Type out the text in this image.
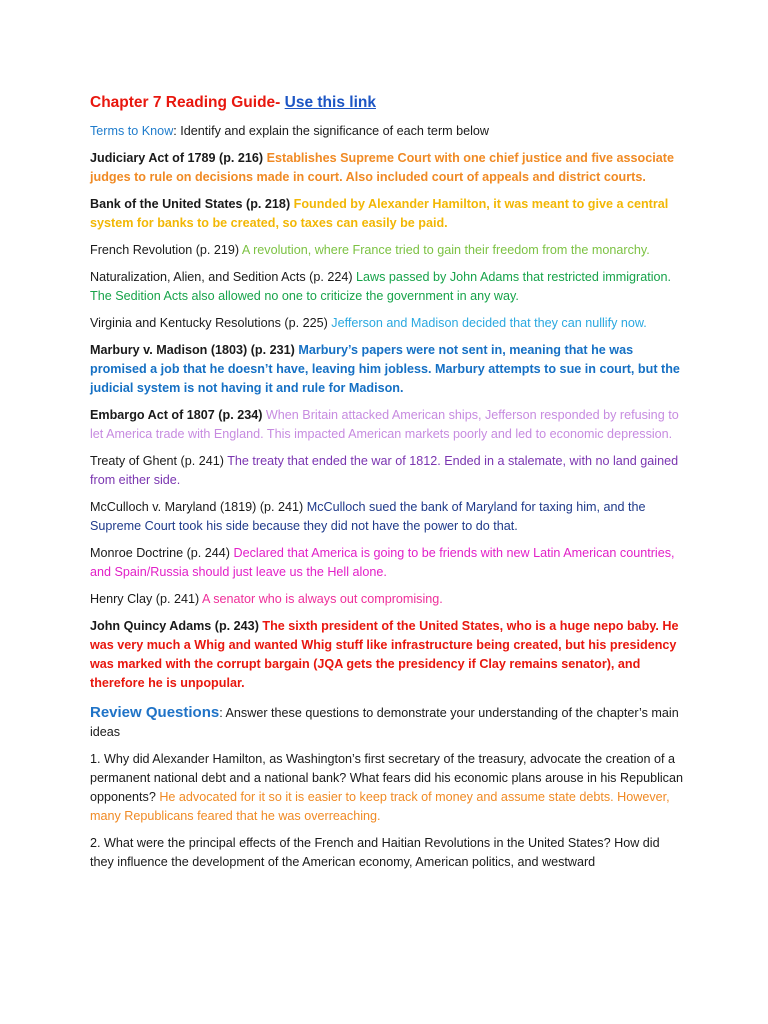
Chapter 7 Reading Guide- Use this link
Terms to Know: Identify and explain the significance of each term below
Judiciary Act of 1789 (p. 216) Establishes Supreme Court with one chief justice and five associate judges to rule on decisions made in court. Also included court of appeals and district courts.
Bank of the United States (p. 218) Founded by Alexander Hamilton, it was meant to give a central system for banks to be created, so taxes can easily be paid.
French Revolution (p. 219) A revolution, where France tried to gain their freedom from the monarchy.
Naturalization, Alien, and Sedition Acts (p. 224) Laws passed by John Adams that restricted immigration. The Sedition Acts also allowed no one to criticize the government in any way.
Virginia and Kentucky Resolutions (p. 225) Jefferson and Madison decided that they can nullify now.
Marbury v. Madison (1803) (p. 231) Marbury’s papers were not sent in, meaning that he was promised a job that he doesn’t have, leaving him jobless. Marbury attempts to sue in court, but the judicial system is not having it and rule for Madison.
Embargo Act of 1807 (p. 234) When Britain attacked American ships, Jefferson responded by refusing to let America trade with England. This impacted American markets poorly and led to economic depression.
Treaty of Ghent (p. 241) The treaty that ended the war of 1812. Ended in a stalemate, with no land gained from either side.
McCulloch v. Maryland (1819) (p. 241) McCulloch sued the bank of Maryland for taxing him, and the Supreme Court took his side because they did not have the power to do that.
Monroe Doctrine (p. 244) Declared that America is going to be friends with new Latin American countries, and Spain/Russia should just leave us the Hell alone.
Henry Clay (p. 241) A senator who is always out compromising.
John Quincy Adams (p. 243) The sixth president of the United States, who is a huge nepo baby. He was very much a Whig and wanted Whig stuff like infrastructure being created, but his presidency was marked with the corrupt bargain (JQA gets the presidency if Clay remains senator), and therefore he is unpopular.
Review Questions: Answer these questions to demonstrate your understanding of the chapter’s main ideas
1. Why did Alexander Hamilton, as Washington’s first secretary of the treasury, advocate the creation of a permanent national debt and a national bank? What fears did his economic plans arouse in his Republican opponents? He advocated for it so it is easier to keep track of money and assume state debts. However, many Republicans feared that he was overreaching.
2. What were the principal effects of the French and Haitian Revolutions in the United States? How did they influence the development of the American economy, American politics, and westward
